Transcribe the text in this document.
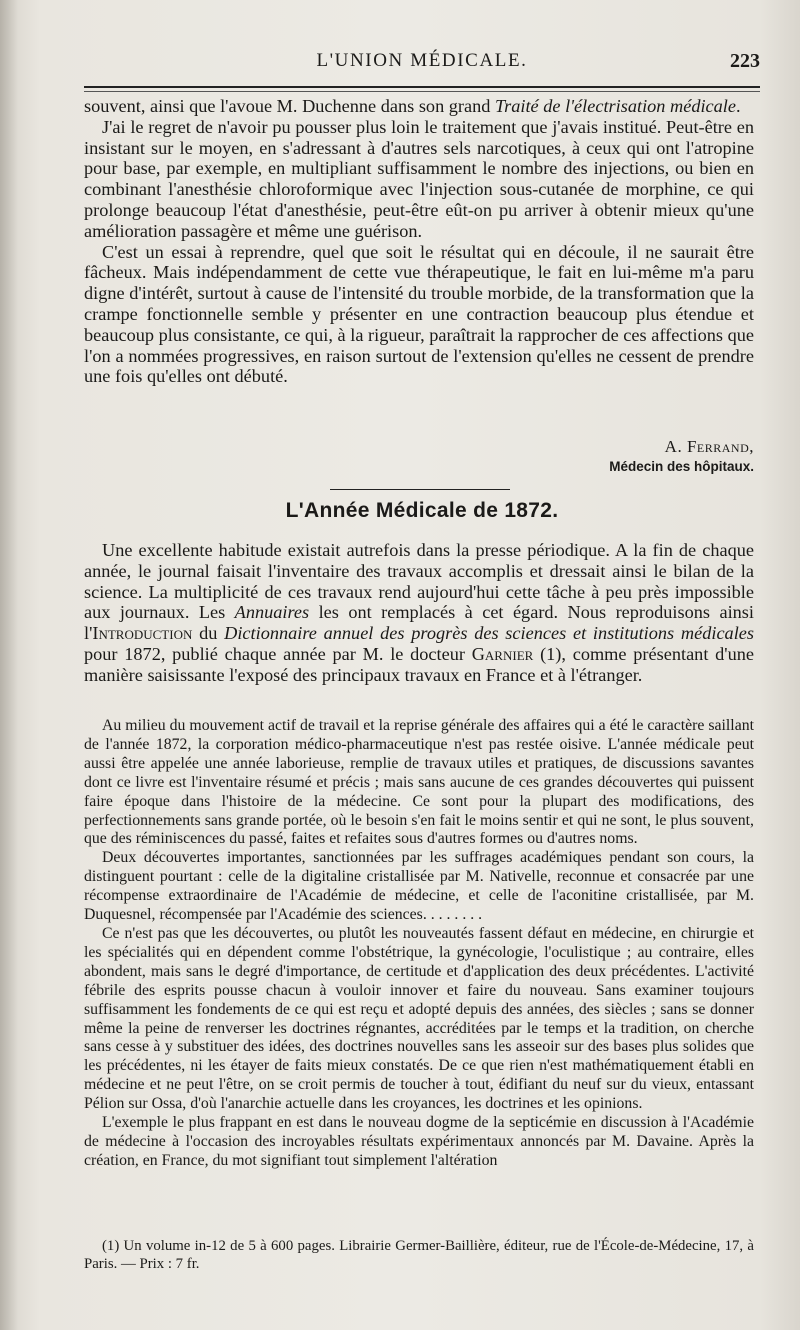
L'UNION MÉDICALE.	223

souvent, ainsi que l'avoue M. Duchenne dans son grand Traité de l'électrisation médicale.

J'ai le regret de n'avoir pu pousser plus loin le traitement que j'avais institué. Peut-être en insistant sur le moyen, en s'adressant à d'autres sels narcotiques, à ceux qui ont l'atropine pour base, par exemple, en multipliant suffisamment le nombre des injections, ou bien en combinant l'anesthésie chloroformique avec l'injection sous-cutanée de morphine, ce qui prolonge beaucoup l'état d'anesthésie, peut-être eût-on pu arriver à obtenir mieux qu'une amélioration passagère et même une guérison.

C'est un essai à reprendre, quel que soit le résultat qui en découle, il ne saurait être fâcheux. Mais indépendamment de cette vue thérapeutique, le fait en lui-même m'a paru digne d'intérêt, surtout à cause de l'intensité du trouble morbide, de la transformation que la crampe fonctionnelle semble y présenter en une contraction beaucoup plus étendue et beaucoup plus consistante, ce qui, à la rigueur, paraîtrait la rapprocher de ces affections que l'on a nommées progressives, en raison surtout de l'extension qu'elles ne cessent de prendre une fois qu'elles ont débuté.

A. Ferrand,
Médecin des hôpitaux.
L'Année Médicale de 1872.

Une excellente habitude existait autrefois dans la presse périodique. A la fin de chaque année, le journal faisait l'inventaire des travaux accomplis et dressait ainsi le bilan de la science. La multiplicité de ces travaux rend aujourd'hui cette tâche à peu près impossible aux journaux. Les Annuaires les ont remplacés à cet égard. Nous reproduisons ainsi l'Introduction du Dictionnaire annuel des progrès des sciences et institutions médicales pour 1872, publié chaque année par M. le docteur Garnier (1), comme présentant d'une manière saisissante l'exposé des principaux travaux en France et à l'étranger.

Au milieu du mouvement actif de travail et la reprise générale des affaires qui a été le caractère saillant de l'année 1872, la corporation médico-pharmaceutique n'est pas restée oisive. L'année médicale peut aussi être appelée une année laborieuse, remplie de travaux utiles et pratiques, de discussions savantes dont ce livre est l'inventaire résumé et précis ; mais sans aucune de ces grandes découvertes qui puissent faire époque dans l'histoire de la médecine. Ce sont pour la plupart des modifications, des perfectionnements sans grande portée, où le besoin s'en fait le moins sentir et qui ne sont, le plus souvent, que des réminiscences du passé, faites et refaites sous d'autres formes ou d'autres noms.

Deux découvertes importantes, sanctionnées par les suffrages académiques pendant son cours, la distinguent pourtant : celle de la digitaline cristallisée par M. Nativelle, reconnue et consacrée par une récompense extraordinaire de l'Académie de médecine, et celle de l'aconitine cristallisée, par M. Duquesnel, récompensée par l'Académie des sciences. . . . . . . .

Ce n'est pas que les découvertes, ou plutôt les nouveautés fassent défaut en médecine, en chirurgie et les spécialités qui en dépendent comme l'obstétrique, la gynécologie, l'oculistique ; au contraire, elles abondent, mais sans le degré d'importance, de certitude et d'application des deux précédentes. L'activité fébrile des esprits pousse chacun à vouloir innover et faire du nouveau. Sans examiner toujours suffisamment les fondements de ce qui est reçu et adopté depuis des années, des siècles ; sans se donner même la peine de renverser les doctrines régnantes, accréditées par le temps et la tradition, on cherche sans cesse à y substituer des idées, des doctrines nouvelles sans les asseoir sur des bases plus solides que les précédentes, ni les étayer de faits mieux constatés. De ce que rien n'est mathématiquement établi en médecine et ne peut l'être, on se croit permis de toucher à tout, édifiant du neuf sur du vieux, entassant Pélion sur Ossa, d'où l'anarchie actuelle dans les croyances, les doctrines et les opinions.

L'exemple le plus frappant en est dans le nouveau dogme de la septicémie en discussion à l'Académie de médecine à l'occasion des incroyables résultats expérimentaux annoncés par M. Davaine. Après la création, en France, du mot signifiant tout simplement l'altération

(1) Un volume in-12 de 5 à 600 pages. Librairie Germer-Baillière, éditeur, rue de l'École-de-Médecine, 17, à Paris. — Prix : 7 fr.
